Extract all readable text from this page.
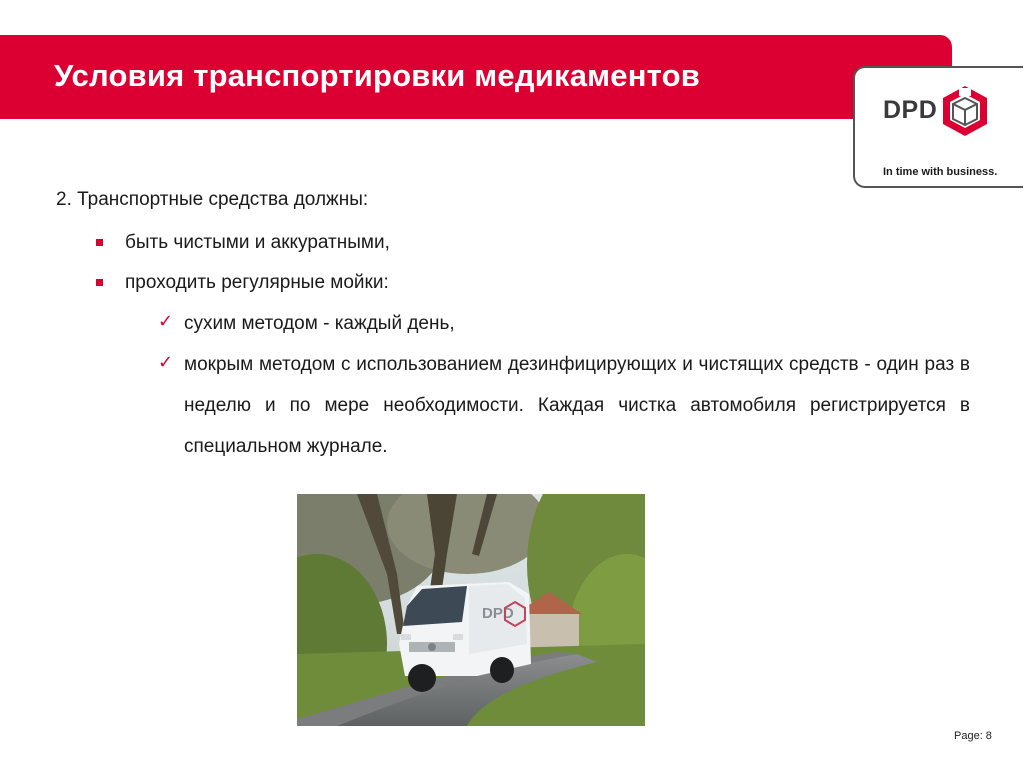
Условия транспортировки медикаментов
DPD
In time with business.
2. Транспортные средства должны:
быть чистыми и аккуратными,
проходить регулярные мойки:
✓ сухим методом - каждый день,
✓ мокрым методом с использованием дезинфицирующих и чистящих средств - один раз в неделю и по мере необходимости. Каждая чистка автомобиля регистрируется в специальном журнале.
DPD
Page: 8
